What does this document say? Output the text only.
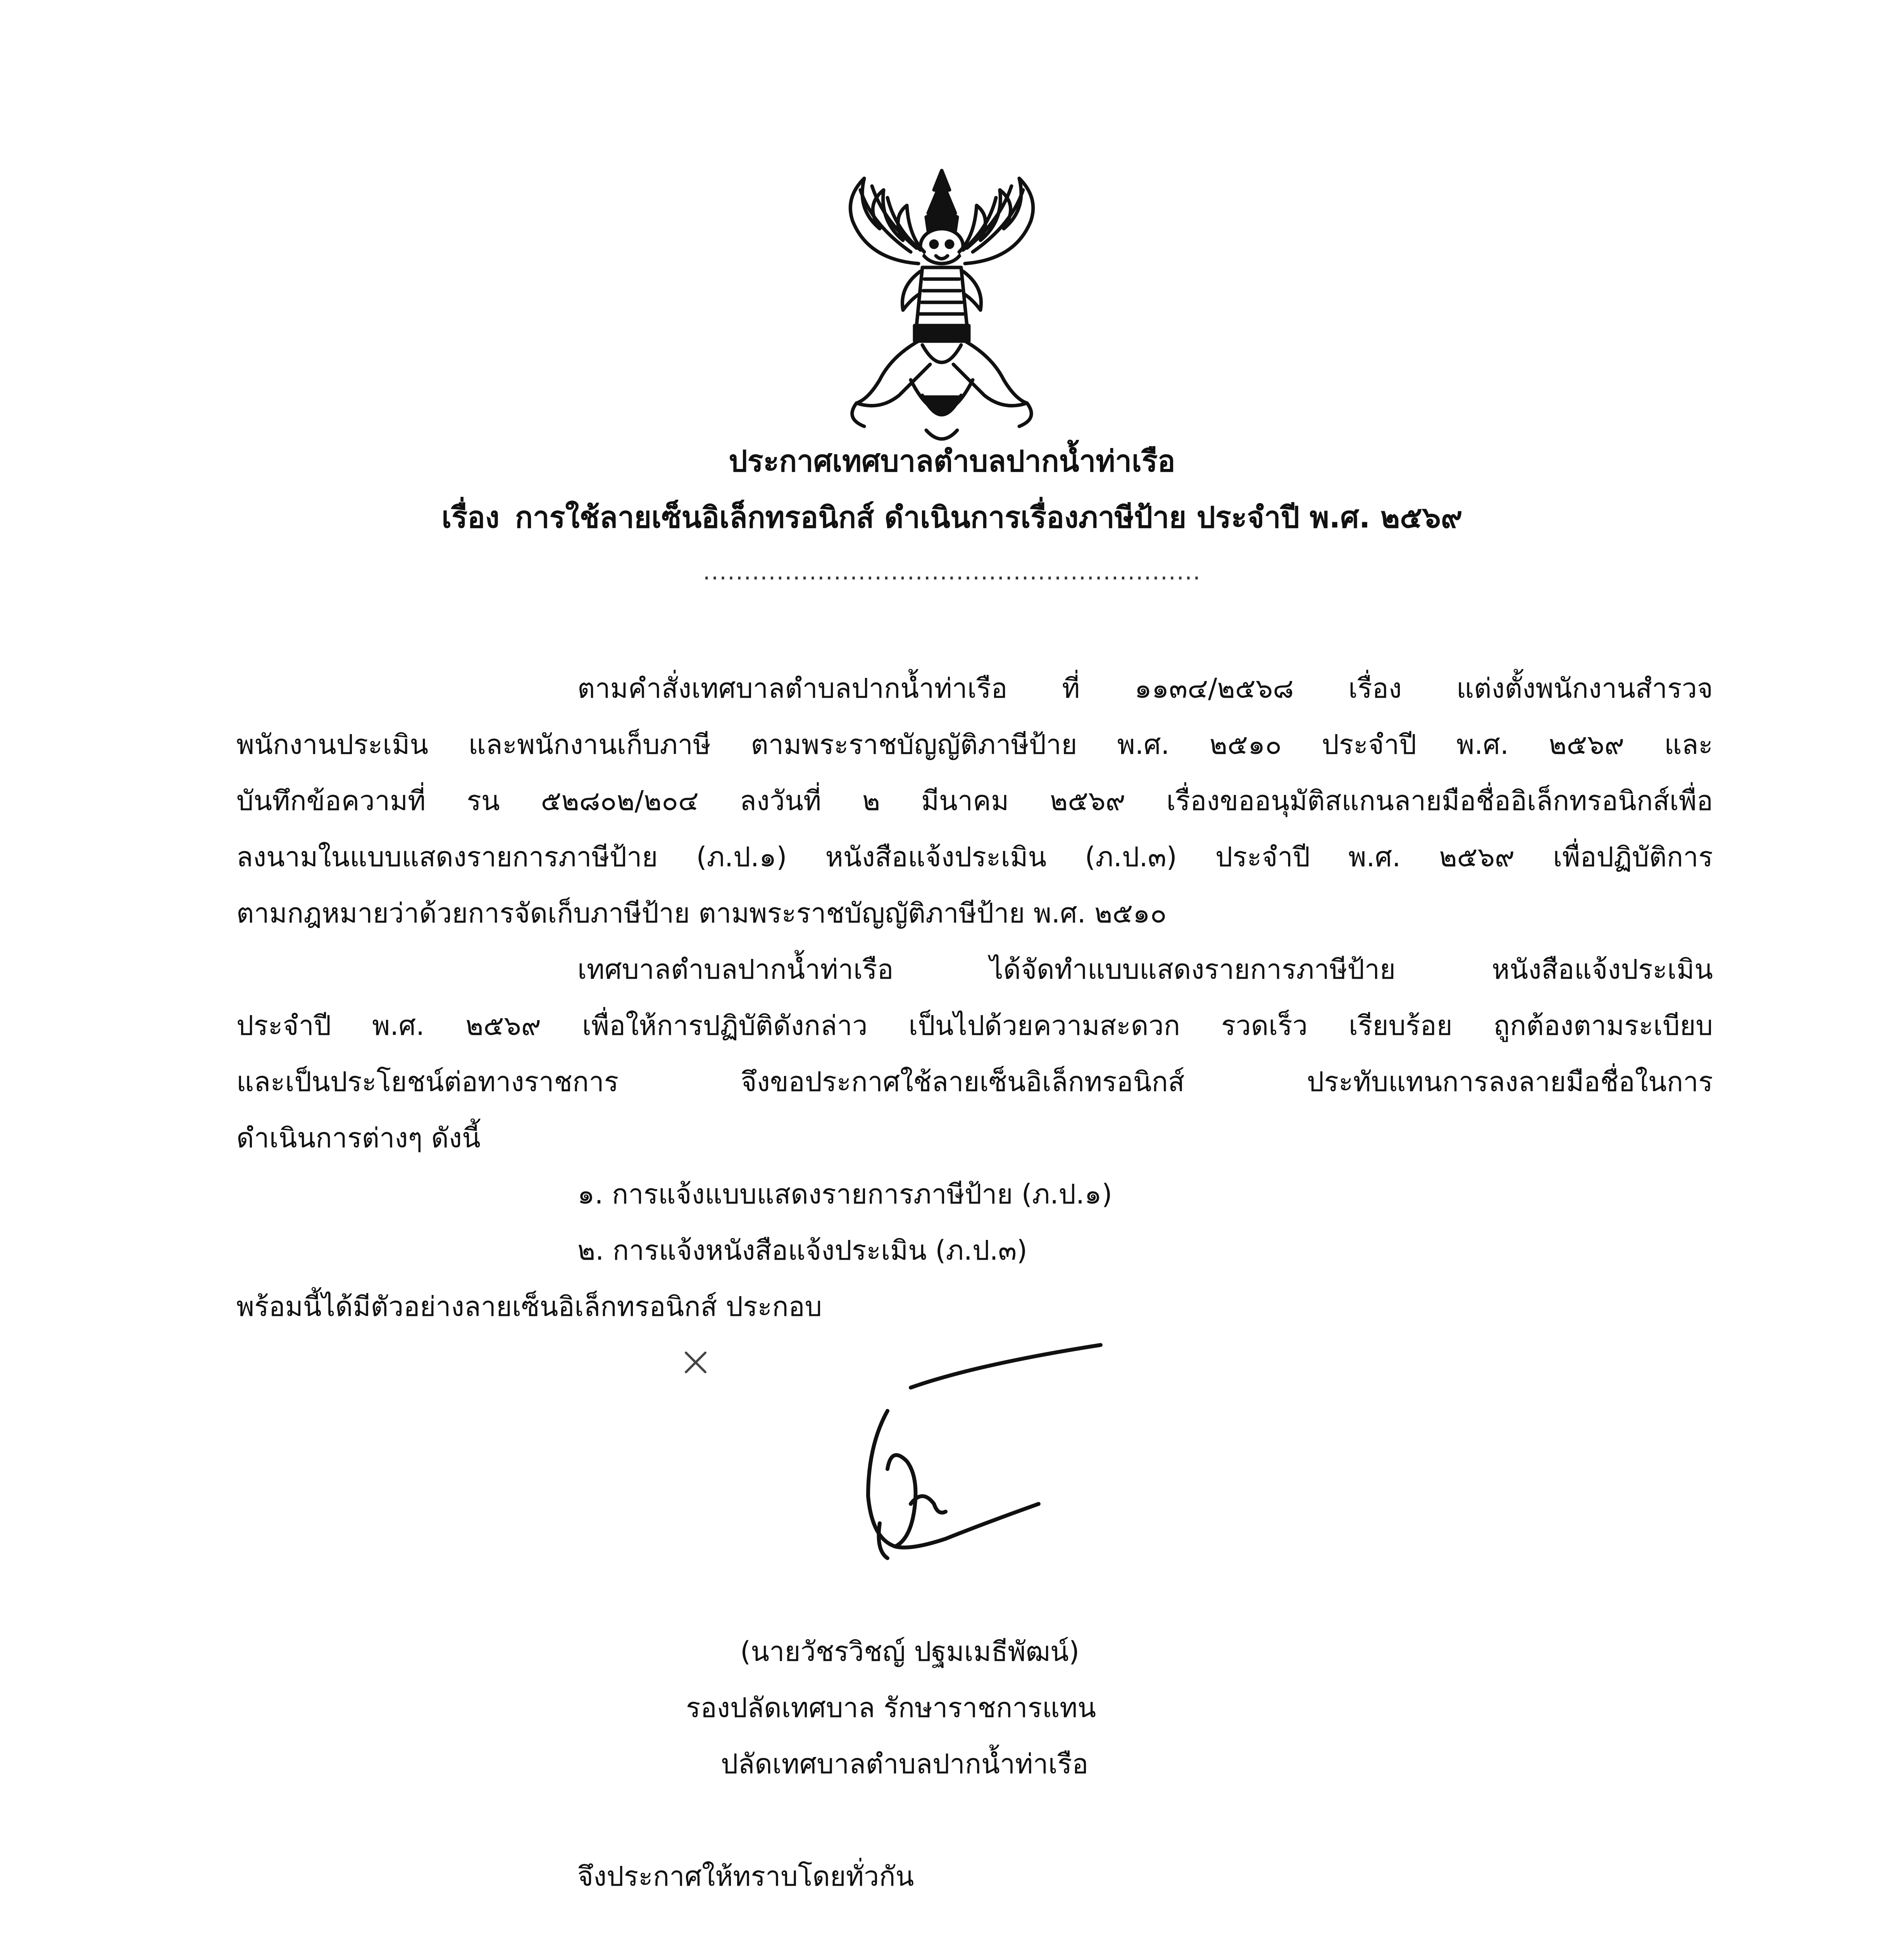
ประกาศเทศบาลตำบลปากน้ำท่าเรือ
เรื่อง การใช้ลายเซ็นอิเล็กทรอนิกส์ ดำเนินการเรื่องภาษีป้าย ประจำปี พ.ศ. ๒๕๖๙
.............................................................
ตามคำสั่งเทศบาลตำบลปากน้ำท่าเรือ ที่ ๑๑๓๔/๒๕๖๘ เรื่อง แต่งตั้งพนักงานสำรวจ
พนักงานประเมิน และพนักงานเก็บภาษี ตามพระราชบัญญัติภาษีป้าย พ.ศ. ๒๕๑๐ ประจำปี พ.ศ. ๒๕๖๙ และ
บันทึกข้อความที่ รน ๕๒๘๐๒/๒๐๔ ลงวันที่ ๒ มีนาคม ๒๕๖๙ เรื่องขออนุมัติสแกนลายมือชื่ออิเล็กทรอนิกส์เพื่อ
ลงนามในแบบแสดงรายการภาษีป้าย (ภ.ป.๑) หนังสือแจ้งประเมิน (ภ.ป.๓) ประจำปี พ.ศ. ๒๕๖๙ เพื่อปฏิบัติการ
ตามกฎหมายว่าด้วยการจัดเก็บภาษีป้าย ตามพระราชบัญญัติภาษีป้าย พ.ศ. ๒๕๑๐
เทศบาลตำบลปากน้ำท่าเรือ ได้จัดทำแบบแสดงรายการภาษีป้าย หนังสือแจ้งประเมิน
ประจำปี พ.ศ. ๒๕๖๙ เพื่อให้การปฏิบัติดังกล่าว เป็นไปด้วยความสะดวก รวดเร็ว เรียบร้อย ถูกต้องตามระเบียบ
และเป็นประโยชน์ต่อทางราชการ จึงขอประกาศใช้ลายเซ็นอิเล็กทรอนิกส์ ประทับแทนการลงลายมือชื่อในการ
ดำเนินการต่างๆ ดังนี้
๑. การแจ้งแบบแสดงรายการภาษีป้าย (ภ.ป.๑)
๒. การแจ้งหนังสือแจ้งประเมิน (ภ.ป.๓)
พร้อมนี้ได้มีตัวอย่างลายเซ็นอิเล็กทรอนิกส์ ประกอบ
(นายวัชรวิชญ์ ปฐมเมธีพัฒน์)
รองปลัดเทศบาล รักษาราชการแทน
ปลัดเทศบาลตำบลปากน้ำท่าเรือ
จึงประกาศให้ทราบโดยทั่วกัน
